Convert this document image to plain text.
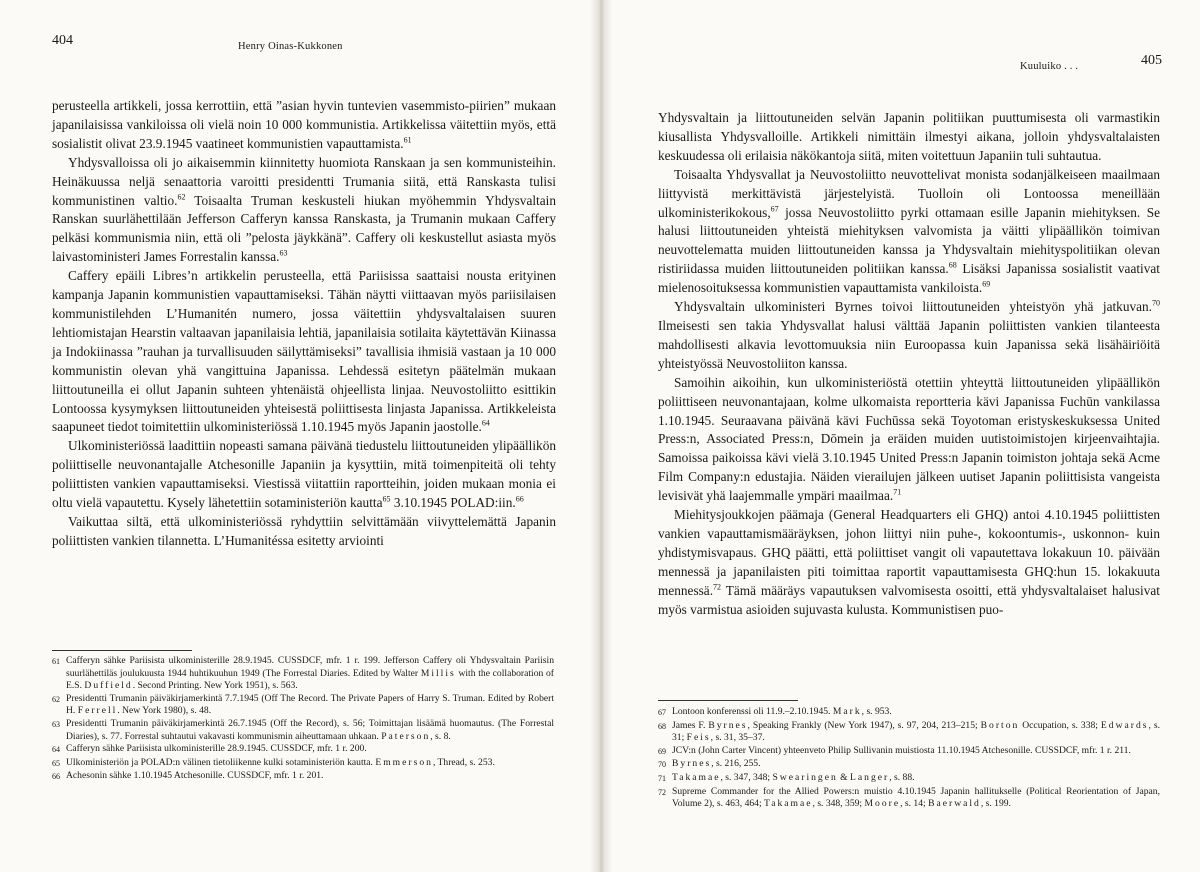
404	Henry Oinas-Kukkonen

perusteella artikkeli, jossa kerrottiin, että ”asian hyvin tuntevien vasemmisto-piirien” mukaan japanilaisissa vankiloissa oli vielä noin 10 000 kommunistia. Artikkelissa väitettiin myös, että sosialistit olivat 23.9.1945 vaatineet kommunistien vapauttamista.$^{61}$

Yhdysvalloissa oli jo aikaisemmin kiinnitetty huomiota Ranskaan ja sen kommunisteihin. Heinäkuussa neljä senaattoria varoitti presidentti Trumania siitä, että Ranskasta tulisi kommunistinen valtio.$^{62}$ Toisaalta Truman keskusteli hiukan myöhemmin Yhdysvaltain Ranskan suurlähettilään Jefferson Cafferyn kanssa Ranskasta, ja Trumanin mukaan Caffery pelkäsi kommunismia niin, että oli ”pelosta jäykkänä”. Caffery oli keskustellut asiasta myös laivastoministeri James Forrestalin kanssa.$^{63}$

Caffery epäili Libres’n artikkelin perusteella, että Pariisissa saattaisi nousta erityinen kampanja Japanin kommunistien vapauttamiseksi. Tähän näytti viittaavan myös pariisilaisen kommunistilehden L’Humanitén numero, jossa väitettiin yhdysvaltalaisen suuren lehtiomistajan Hearstin valtaavan japanilaisia lehtiä, japanilaisia sotilaita käytettävän Kiinassa ja Indokiinassa ”rauhan ja turvallisuuden säilyttämiseksi” tavallisia ihmisiä vastaan ja 10 000 kommunistin olevan yhä vangittuina Japanissa. Lehdessä esitetyn päätelmän mukaan liittoutuneilla ei ollut Japanin suhteen yhtenäistä ohjeellista linjaa. Neuvostoliitto esittikin Lontoossa kysymyksen liittoutuneiden yhteisestä poliittisesta linjasta Japanissa. Artikkeleista saapuneet tiedot toimitettiin ulkoministeriössä 1.10.1945 myös Japanin jaostolle.$^{64}$

Ulkoministeriössä laadittiin nopeasti samana päivänä tiedustelu liittoutuneiden ylipäällikön poliittiselle neuvonantajalle Atchesonille Japaniin ja kysyttiin, mitä toimenpiteitä oli tehty poliittisten vankien vapauttamiseksi. Viestissä viitattiin raportteihin, joiden mukaan monia ei oltu vielä vapautettu. Kysely lähetettiin sotaministeriön kautta$^{65}$ 3.10.1945 POLAD:iin.$^{66}$

Vaikuttaa siltä, että ulkoministeriössä ryhdyttiin selvittämään viivyttelemättä Japanin poliittisten vankien tilannetta. L’Humanitéssa esitetty arviointi

61 Cafferyn sähke Pariisista ulkoministerille 28.9.1945. CUSSDCF, mfr. 1 r. 199. Jefferson Caffery oli Yhdysvaltain Pariisin suurlähettiläs joulukuusta 1944 huhtikuuhun 1949 (The Forrestal Diaries. Edited by Walter Millis with the collaboration of E.S. Duffield. Second Printing. New York 1951), s. 563.
62 Presidentti Trumanin päiväkirjamerkintä 7.7.1945 (Off The Record. The Private Papers of Harry S. Truman. Edited by Robert H. Ferrell. New York 1980), s. 48.
63 Presidentti Trumanin päiväkirjamerkintä 26.7.1945 (Off the Record), s. 56; Toimittajan lisäämä huomautus. (The Forrestal Diaries), s. 77. Forrestal suhtautui vakavasti kommunismin aiheuttamaan uhkaan. Paterson, s. 8.
64 Cafferyn sähke Pariisista ulkoministerille 28.9.1945. CUSSDCF, mfr. 1 r. 200.
65 Ulkoministeriön ja POLAD:n välinen tietoliikenne kulki sotaministeriön kautta. Emmerson, Thread, s. 253.
66 Achesonin sähke 1.10.1945 Atchesonille. CUSSDCF, mfr. 1 r. 201.
Kuuluiko . . .	405

Yhdysvaltain ja liittoutuneiden selvän Japanin politiikan puuttumisesta oli varmastikin kiusallista Yhdysvalloille. Artikkeli nimittäin ilmestyi aikana, jolloin yhdysvaltalaisten keskuudessa oli erilaisia näkökantoja siitä, miten voitettuun Japaniin tuli suhtautua.

Toisaalta Yhdysvallat ja Neuvostoliitto neuvottelivat monista sodanjälkeiseen maailmaan liittyvistä merkittävistä järjestelyistä. Tuolloin oli Lontoossa meneillään ulkoministerikokous,$^{67}$ jossa Neuvostoliitto pyrki ottamaan esille Japanin miehityksen. Se halusi liittoutuneiden yhteistä miehityksen valvomista ja väitti ylipäällikön toimivan neuvottelematta muiden liittoutuneiden kanssa ja Yhdysvaltain miehityspolitiikan olevan ristiriidassa muiden liittoutuneiden politiikan kanssa.$^{68}$ Lisäksi Japanissa sosialistit vaativat mielenosoituksessa kommunistien vapauttamista vankiloista.$^{69}$

Yhdysvaltain ulkoministeri Byrnes toivoi liittoutuneiden yhteistyön yhä jatkuvan.$^{70}$ Ilmeisesti sen takia Yhdysvallat halusi välttää Japanin poliittisten vankien tilanteesta mahdollisesti alkavia levottomuuksia niin Euroopassa kuin Japanissa sekä lisähäiriöitä yhteistyössä Neuvostoliiton kanssa.

Samoihin aikoihin, kun ulkoministeriöstä otettiin yhteyttä liittoutuneiden ylipäällikön poliittiseen neuvonantajaan, kolme ulkomaista reportteria kävi Japanissa Fuchūn vankilassa 1.10.1945. Seuraavana päivänä kävi Fuchūssa sekä Toyotoman eristyskeskuksessa United Press:n, Associated Press:n, Dōmein ja eräiden muiden uutistoimistojen kirjeenvaihtajia. Samoissa paikoissa kävi vielä 3.10.1945 United Press:n Japanin toimiston johtaja sekä Acme Film Company:n edustajia. Näiden vierailujen jälkeen uutiset Japanin poliittisista vangeista levisivät yhä laajemmalle ympäri maailmaa.$^{71}$

Miehitysjoukkojen päämaja (General Headquarters eli GHQ) antoi 4.10.1945 poliittisten vankien vapauttamismääräyksen, johon liittyi niin puhe-, kokoontumis-, uskonnon- kuin yhdistymisvapaus. GHQ päätti, että poliittiset vangit oli vapautettava lokakuun 10. päivään mennessä ja japanilaisten piti toimittaa raportit vapauttamisesta GHQ:hun 15. lokakuuta mennessä.$^{72}$ Tämä määräys vapautuksen valvomisesta osoitti, että yhdysvaltalaiset halusivat myös varmistua asioiden sujuvasta kulusta. Kommunistisen puo-

67 Lontoon konferenssi oli 11.9.–2.10.1945. Mark, s. 953.
68 James F. Byrnes, Speaking Frankly (New York 1947), s. 97, 204, 213–215; Borton Occupation, s. 338; Edwards, s. 31; Feis, s. 31, 35–37.
69 JCV:n (John Carter Vincent) yhteenveto Philip Sullivanin muistiosta 11.10.1945 Atchesonille. CUSSDCF, mfr. 1 r. 211.
70 Byrnes, s. 216, 255.
71 Takamae, s. 347, 348; Swearingen & Langer, s. 88.
72 Supreme Commander for the Allied Powers:n muistio 4.10.1945 Japanin hallitukselle (Political Reorientation of Japan, Volume 2), s. 463, 464; Takamae, s. 348, 359; Moore, s. 14; Baerwald, s. 199.
